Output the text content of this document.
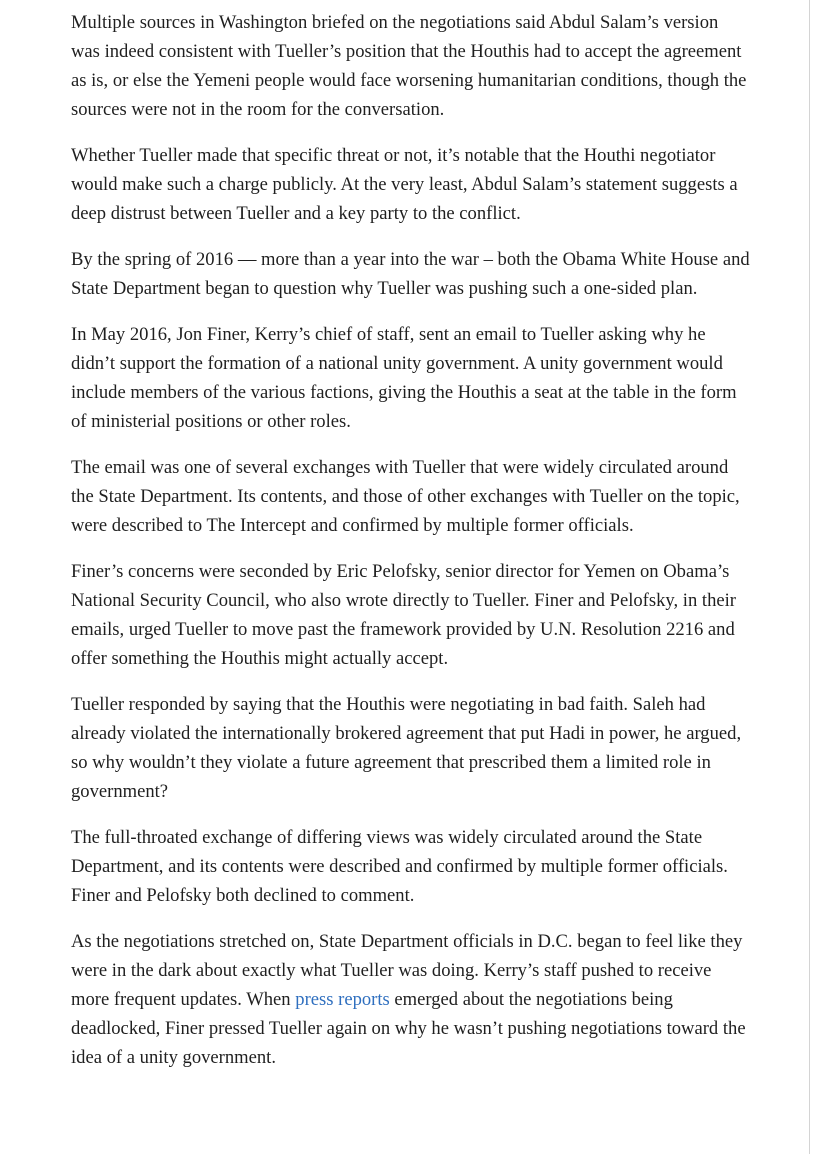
Multiple sources in Washington briefed on the negotiations said Abdul Salam’s version was indeed consistent with Tueller’s position that the Houthis had to accept the agreement as is, or else the Yemeni people would face worsening humanitarian conditions, though the sources were not in the room for the conversation.

Whether Tueller made that specific threat or not, it’s notable that the Houthi negotiator would make such a charge publicly. At the very least, Abdul Salam’s statement suggests a deep distrust between Tueller and a key party to the conflict.

By the spring of 2016 — more than a year into the war – both the Obama White House and State Department began to question why Tueller was pushing such a one-sided plan.

In May 2016, Jon Finer, Kerry’s chief of staff, sent an email to Tueller asking why he didn’t support the formation of a national unity government. A unity government would include members of the various factions, giving the Houthis a seat at the table in the form of ministerial positions or other roles.

The email was one of several exchanges with Tueller that were widely circulated around the State Department. Its contents, and those of other exchanges with Tueller on the topic, were described to The Intercept and confirmed by multiple former officials.

Finer’s concerns were seconded by Eric Pelofsky, senior director for Yemen on Obama’s National Security Council, who also wrote directly to Tueller. Finer and Pelofsky, in their emails, urged Tueller to move past the framework provided by U.N. Resolution 2216 and offer something the Houthis might actually accept.

Tueller responded by saying that the Houthis were negotiating in bad faith. Saleh had already violated the internationally brokered agreement that put Hadi in power, he argued, so why wouldn’t they violate a future agreement that prescribed them a limited role in government?

The full-throated exchange of differing views was widely circulated around the State Department, and its contents were described and confirmed by multiple former officials. Finer and Pelofsky both declined to comment.

As the negotiations stretched on, State Department officials in D.C. began to feel like they were in the dark about exactly what Tueller was doing. Kerry’s staff pushed to receive more frequent updates. When press reports emerged about the negotiations being deadlocked, Finer pressed Tueller again on why he wasn’t pushing negotiations toward the idea of a unity government.
